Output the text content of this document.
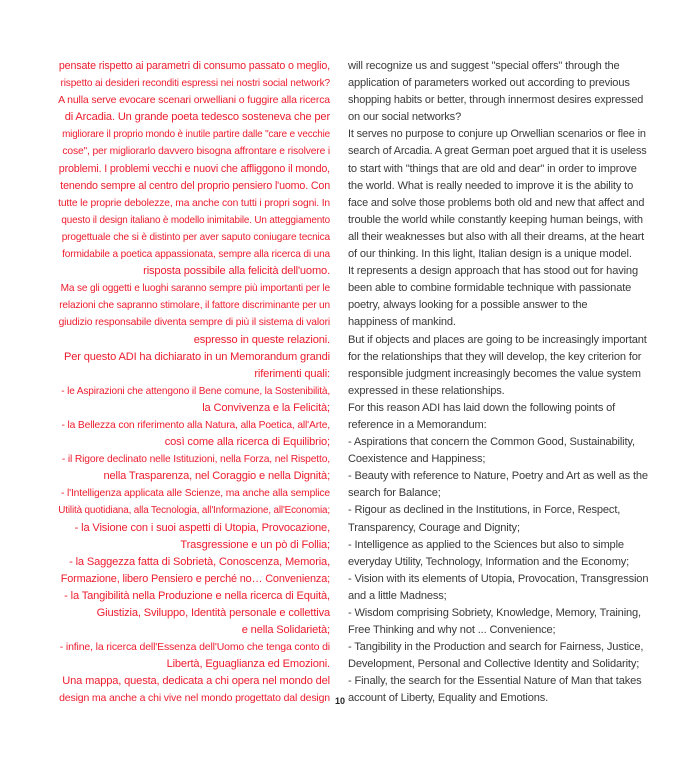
pensate rispetto ai parametri di consumo passato o meglio,

rispetto ai desideri reconditi espressi nei nostri social network?

A nulla serve evocare scenari orwelliani o fuggire alla ricerca

di Arcadia. Un grande poeta tedesco sosteneva che per

migliorare il proprio mondo è inutile partire dalle "care e vecchie

cose", per migliorarlo davvero bisogna affrontare e risolvere i

problemi. I problemi vecchi e nuovi che affliggono il mondo,

tenendo sempre al centro del proprio pensiero l'uomo. Con

tutte le proprie debolezze, ma anche con tutti i propri sogni. In

questo il design italiano è modello inimitabile. Un atteggiamento

progettuale che si è distinto per aver saputo coniugare tecnica

formidabile a poetica appassionata, sempre alla ricerca di una

risposta possibile alla felicità dell'uomo.

Ma se gli oggetti e luoghi saranno sempre più importanti per le

relazioni che sapranno stimolare, il fattore discriminante per un

giudizio responsabile diventa sempre di più il sistema di valori

espresso in queste relazioni.

Per questo ADI ha dichiarato in un Memorandum grandi

riferimenti quali:

- le Aspirazioni che attengono il Bene comune, la Sostenibilità,

la Convivenza e la Felicità;

- la Bellezza con riferimento alla Natura, alla Poetica, all'Arte,

così come alla ricerca di Equilibrio;

- il Rigore declinato nelle Istituzioni, nella Forza, nel Rispetto,

nella Trasparenza, nel Coraggio e nella Dignità;

- l'Intelligenza applicata alle Scienze, ma anche alla semplice

Utilità quotidiana, alla Tecnologia, all'Informazione, all'Economia;

- la Visione con i suoi aspetti di Utopia, Provocazione,

Trasgressione e un pò di Follia;

- la Saggezza fatta di Sobrietà, Conoscenza, Memoria,

Formazione, libero Pensiero e perché no… Convenienza;

- la Tangibilità nella Produzione e nella ricerca di Equità,

Giustizia, Sviluppo, Identità personale e collettiva

e nella Solidarietà;

- infine, la ricerca dell'Essenza dell'Uomo che tenga conto di

Libertà, Eguaglianza ed Emozioni.

Una mappa, questa, dedicata a chi opera nel mondo del

design ma anche a chi vive nel mondo progettato dal design

will recognize us and suggest "special offers" through the

application of parameters worked out according to previous

shopping habits or better, through innermost desires expressed

on our social networks?

It serves no purpose to conjure up Orwellian scenarios or flee in

search of Arcadia. A great German poet argued that it is useless

to start with "things that are old and dear" in order to improve

the world. What is really needed to improve it is the ability to

face and solve those problems both old and new that affect and

trouble the world while constantly keeping human beings, with

all their weaknesses but also with all their dreams, at the heart

of our thinking. In this light, Italian design is a unique model.

It represents a design approach that has stood out for having

been able to combine formidable technique with passionate

poetry, always looking for a possible answer to the

happiness of mankind.

But if objects and places are going to be increasingly important

for the relationships that they will develop, the key criterion for

responsible judgment increasingly becomes the value system

expressed in these relationships.

For this reason ADI has laid down the following points of

reference in a Memorandum:

- Aspirations that concern the Common Good, Sustainability,

Coexistence and Happiness;

- Beauty with reference to Nature, Poetry and Art as well as the

search for Balance;

- Rigour as declined in the Institutions, in Force, Respect,

Transparency, Courage and Dignity;

- Intelligence as applied to the Sciences but also to simple

everyday Utility, Technology, Information and the Economy;

- Vision with its elements of Utopia, Provocation, Transgression

and a little Madness;

- Wisdom comprising Sobriety, Knowledge, Memory, Training,

Free Thinking and why not ... Convenience;

- Tangibility in the Production and search for Fairness, Justice,

Development, Personal and Collective Identity and Solidarity;

- Finally, the search for the Essential Nature of Man that takes

account of Liberty, Equality and Emotions.

10
